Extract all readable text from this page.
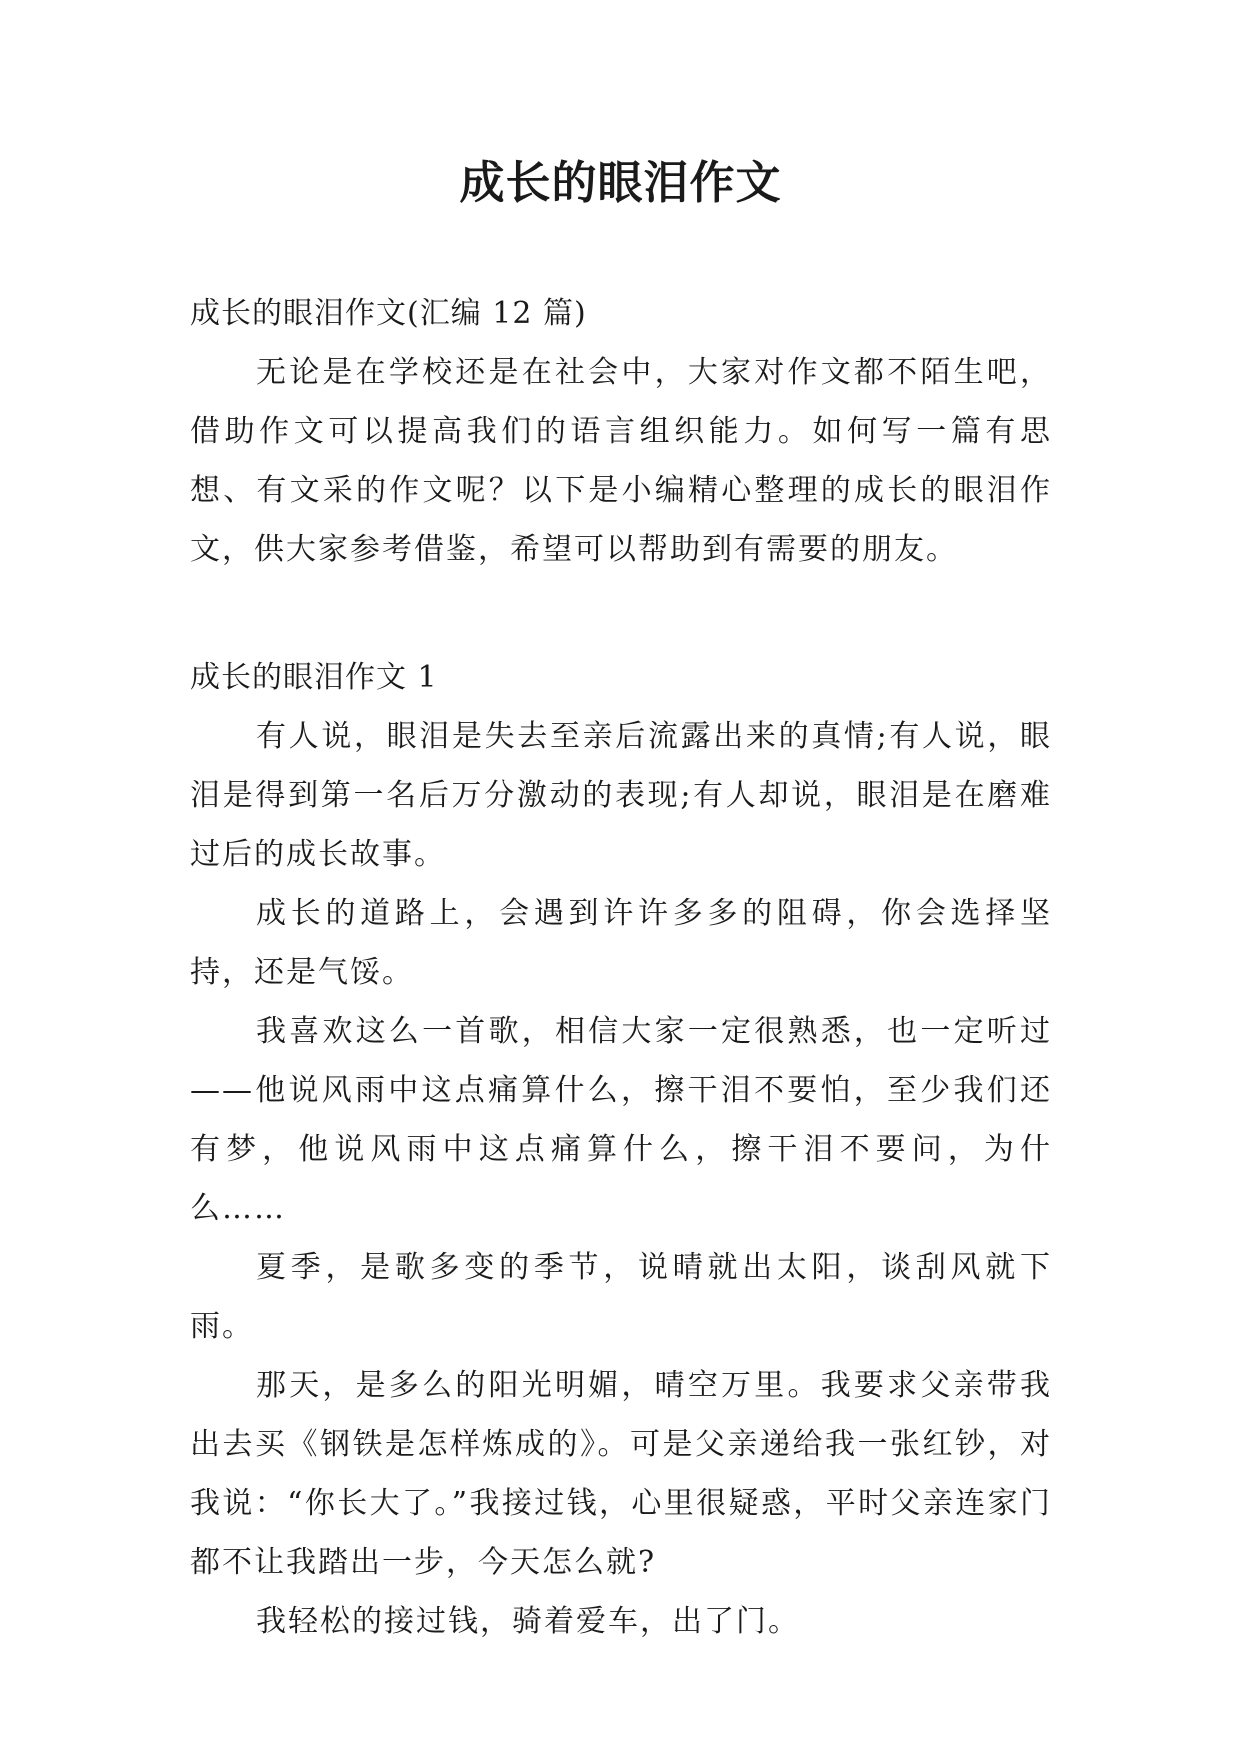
成长的眼泪作文

成长的眼泪作文(汇编 12 篇)

无论是在学校还是在社会中，大家对作文都不陌生吧，借助作文可以提高我们的语言组织能力。如何写一篇有思想、有文采的作文呢？以下是小编精心整理的成长的眼泪作文，供大家参考借鉴，希望可以帮助到有需要的朋友。

成长的眼泪作文 1

有人说，眼泪是失去至亲后流露出来的真情;有人说，眼泪是得到第一名后万分激动的表现;有人却说，眼泪是在磨难过后的成长故事。

成长的道路上，会遇到许许多多的阻碍，你会选择坚持，还是气馁。

我喜欢这么一首歌，相信大家一定很熟悉，也一定听过——他说风雨中这点痛算什么，擦干泪不要怕，至少我们还有梦，他说风雨中这点痛算什么，擦干泪不要问，为什么……

夏季，是歌多变的季节，说晴就出太阳，谈刮风就下雨。

那天，是多么的阳光明媚，晴空万里。我要求父亲带我出去买《钢铁是怎样炼成的》。可是父亲递给我一张红钞，对我说：“你长大了。”我接过钱，心里很疑惑，平时父亲连家门都不让我踏出一步，今天怎么就?

我轻松的接过钱，骑着爱车，出了门。
